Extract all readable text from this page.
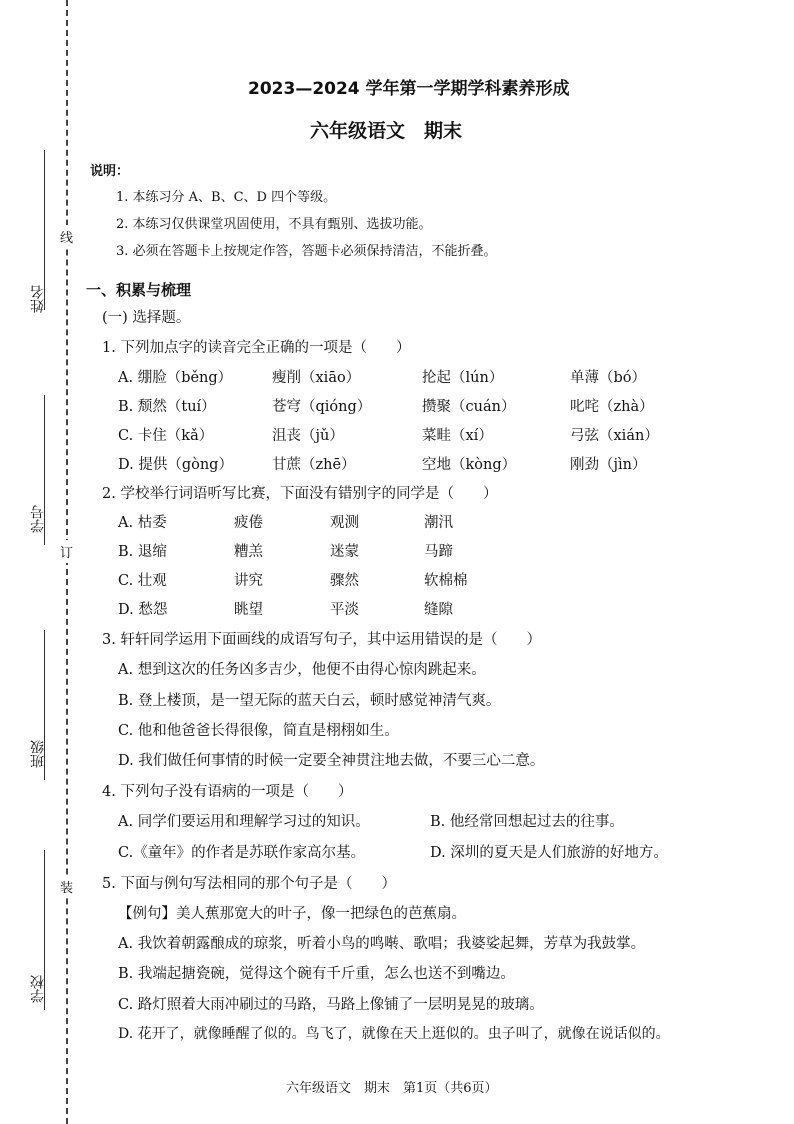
线
订
装
姓名
学号
班级
学校
2023—2024 学年第一学期学科素养形成
六年级语文　期末
说明：
1. 本练习分 A、B、C、D 四个等级。
2. 本练习仅供课堂巩固使用，不具有甄别、选拔功能。
3. 必须在答题卡上按规定作答，答题卡必须保持清洁，不能折叠。
一、积累与梳理
(一) 选择题。
1. 下列加点字的读音完全正确的一项是（　　）
A. 绷脸（běng）	瘦削（xiāo）	抡起（lún）	单薄（bó）
B. 颓然（tuí）	苍穹（qióng）	攒聚（cuán）	叱咤（zhà）
C. 卡住（kǎ）	沮丧（jǔ）	菜畦（xí）	弓弦（xián）
D. 提供（gòng）	甘蔗（zhē）	空地（kòng）	刚劲（jìn）
2. 学校举行词语听写比赛，下面没有错别字的同学是（　　）
A. 枯委	疲倦	观测	潮汛
B. 退缩	糟羔	迷蒙	马蹄
C. 壮观	讲究	骤然	软棉棉
D. 愁怨	眺望	平淡	缝隙
3. 轩轩同学运用下面画线的成语写句子，其中运用错误的是（　　）
A. 想到这次的任务凶多吉少，他便不由得心惊肉跳起来。
B. 登上楼顶，是一望无际的蓝天白云，顿时感觉神清气爽。
C. 他和他爸爸长得很像，简直是栩栩如生。
D. 我们做任何事情的时候一定要全神贯注地去做，不要三心二意。
4. 下列句子没有语病的一项是（　　）
A. 同学们要运用和理解学习过的知识。	B. 他经常回想起过去的往事。
C.《童年》的作者是苏联作家高尔基。	D. 深圳的夏天是人们旅游的好地方。
5. 下面与例句写法相同的那个句子是（　　）
【例句】美人蕉那宽大的叶子，像一把绿色的芭蕉扇。
A. 我饮着朝露酿成的琼浆，听着小鸟的鸣啭、歌唱；我婆娑起舞，芳草为我鼓掌。
B. 我端起搪瓷碗，觉得这个碗有千斤重，怎么也送不到嘴边。
C. 路灯照着大雨冲刷过的马路，马路上像铺了一层明晃晃的玻璃。
D. 花开了，就像睡醒了似的。鸟飞了，就像在天上逛似的。虫子叫了，就像在说话似的。
六年级语文　期末　第1页（共6页）
